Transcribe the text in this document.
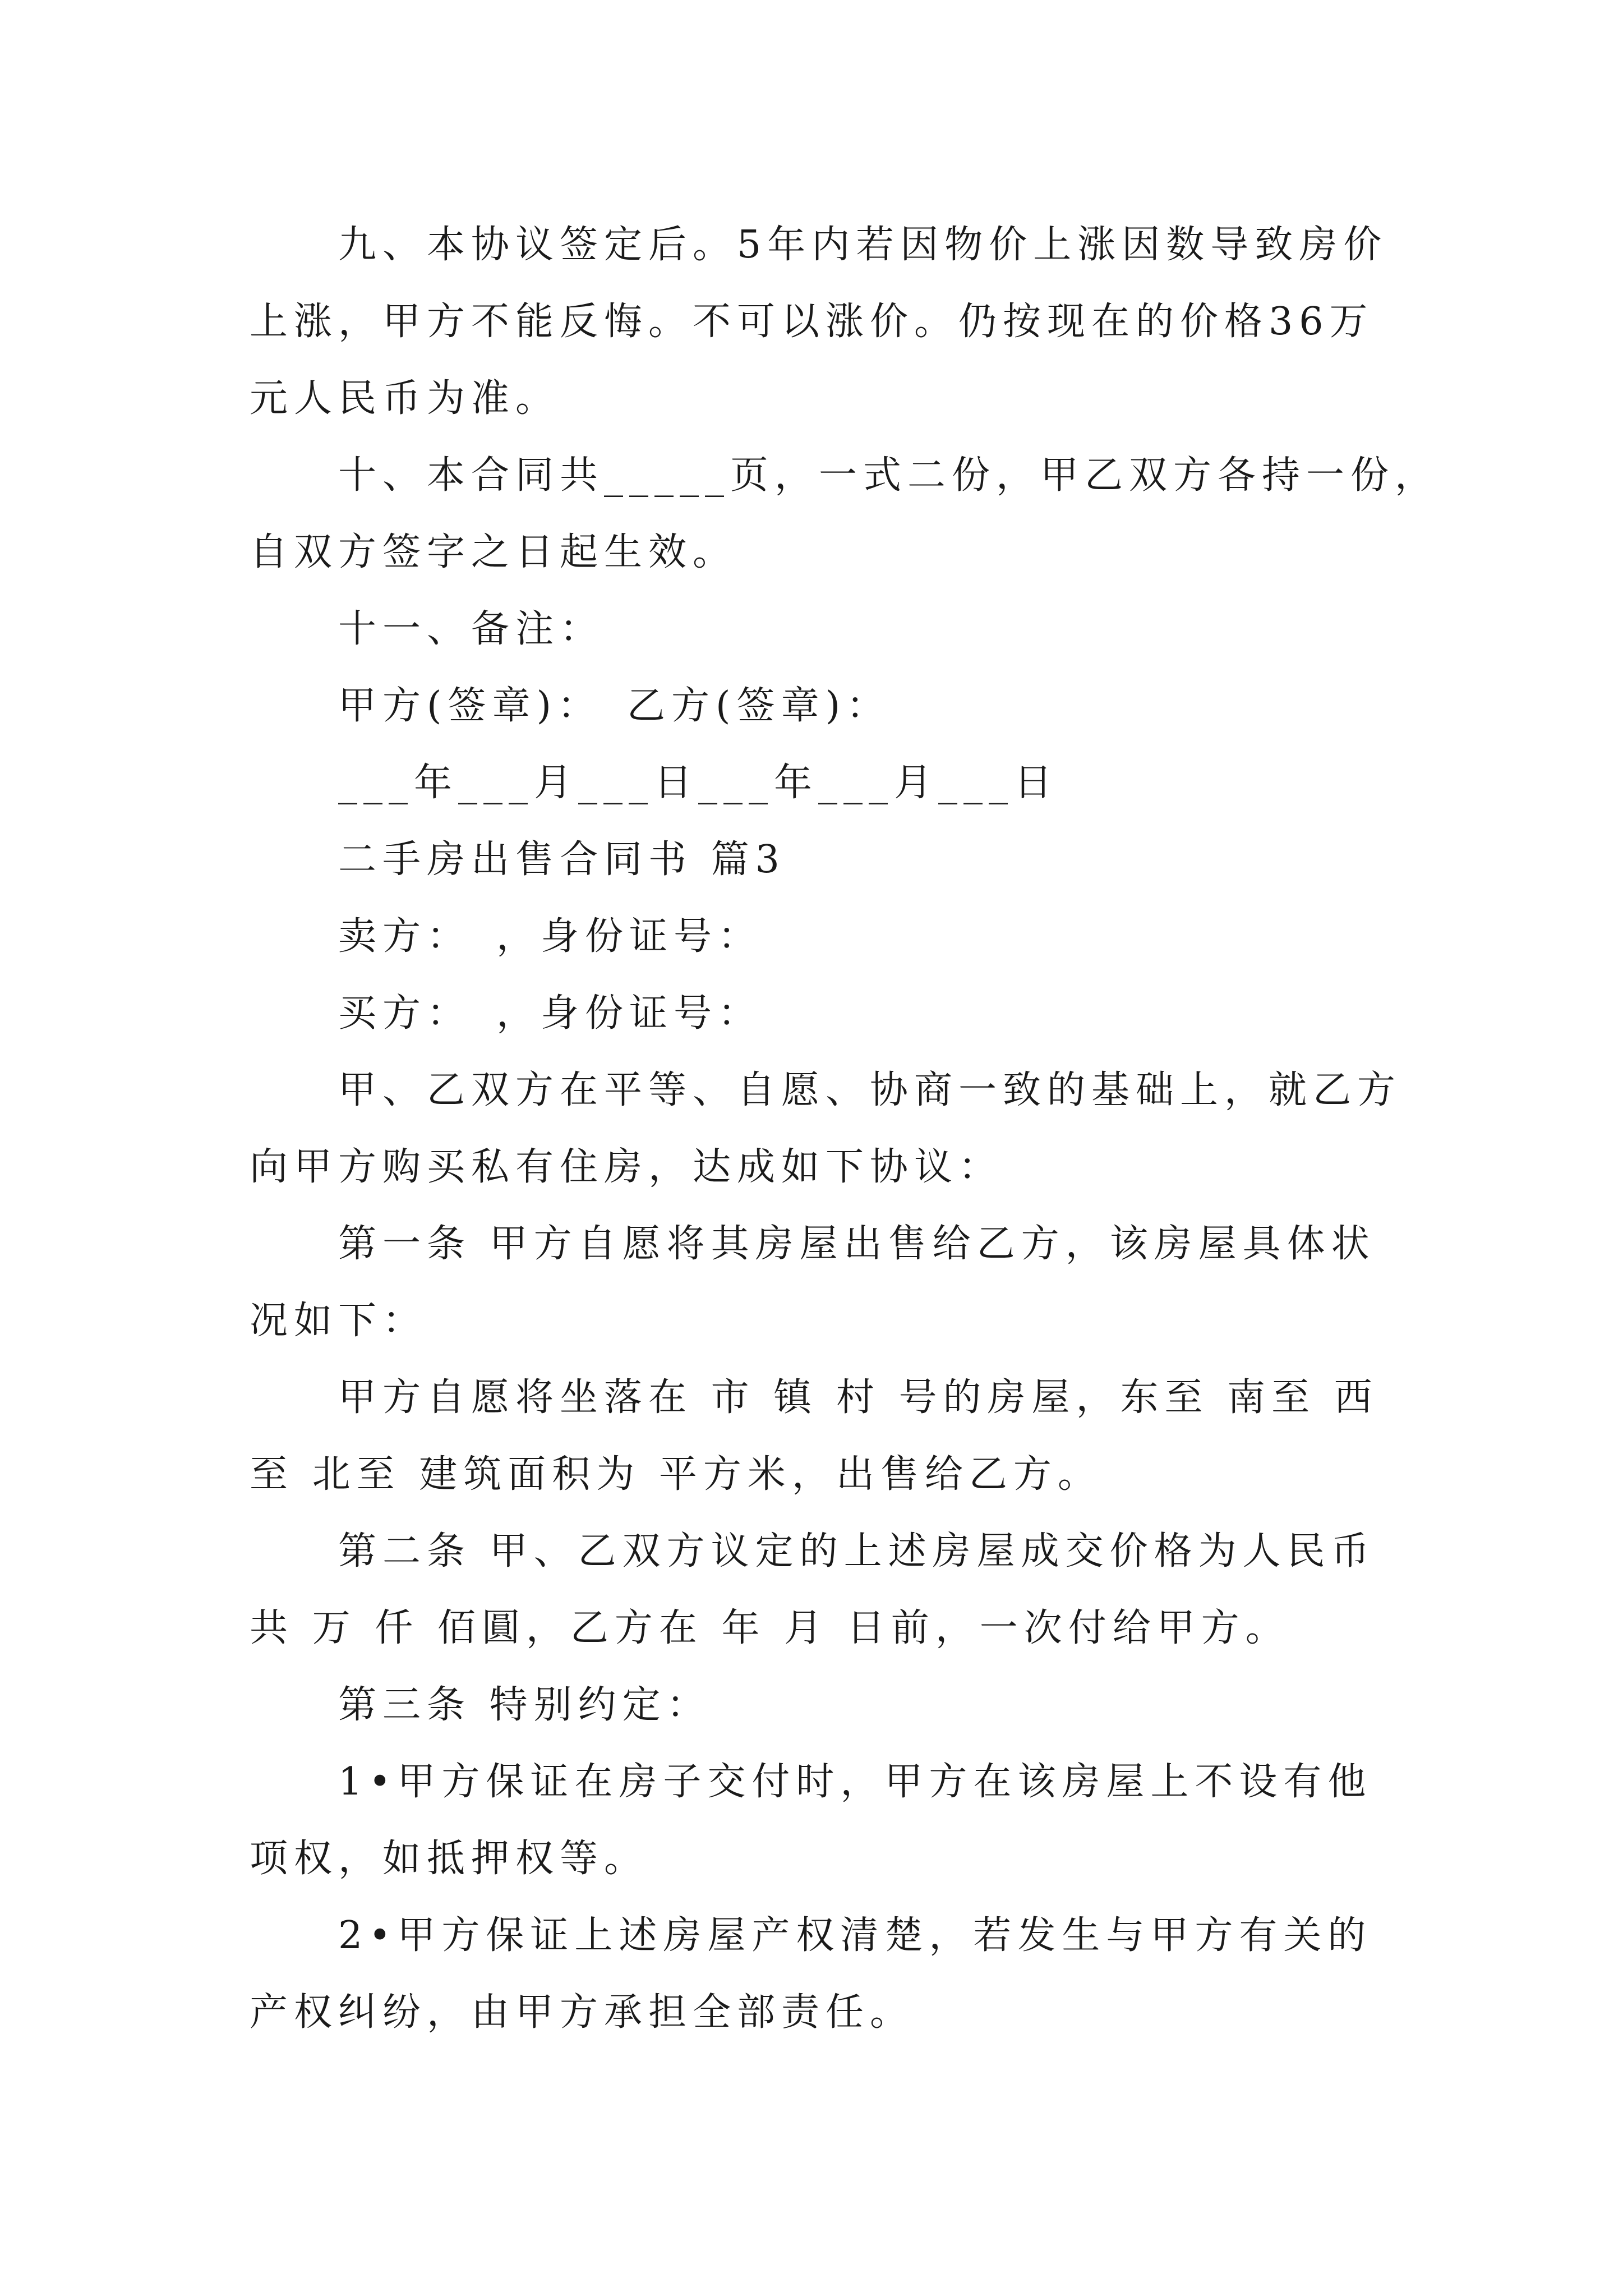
九、本协议签定后。5年内若因物价上涨因数导致房价
上涨，甲方不能反悔。不可以涨价。仍按现在的价格36万
元人民币为准。
十、本合同共_____页，一式二份，甲乙双方各持一份，
自双方签字之日起生效。
十一、备注：
甲方(签章)：　乙方(签章)：
___年___月___日___年___月___日
二手房出售合同书 篇3
卖方：　，身份证号：
买方：　，身份证号：
甲、乙双方在平等、自愿、协商一致的基础上，就乙方
向甲方购买私有住房，达成如下协议：
第一条 甲方自愿将其房屋出售给乙方，该房屋具体状
况如下：
甲方自愿将坐落在 市 镇 村 号的房屋，东至 南至 西
至 北至 建筑面积为 平方米，出售给乙方。
第二条 甲、乙双方议定的上述房屋成交价格为人民币
共 万 仟 佰圓，乙方在 年 月 日前，一次付给甲方。
第三条 特别约定：
1•甲方保证在房子交付时，甲方在该房屋上不设有他
项权，如抵押权等。
2•甲方保证上述房屋产权清楚，若发生与甲方有关的
产权纠纷，由甲方承担全部责任。
